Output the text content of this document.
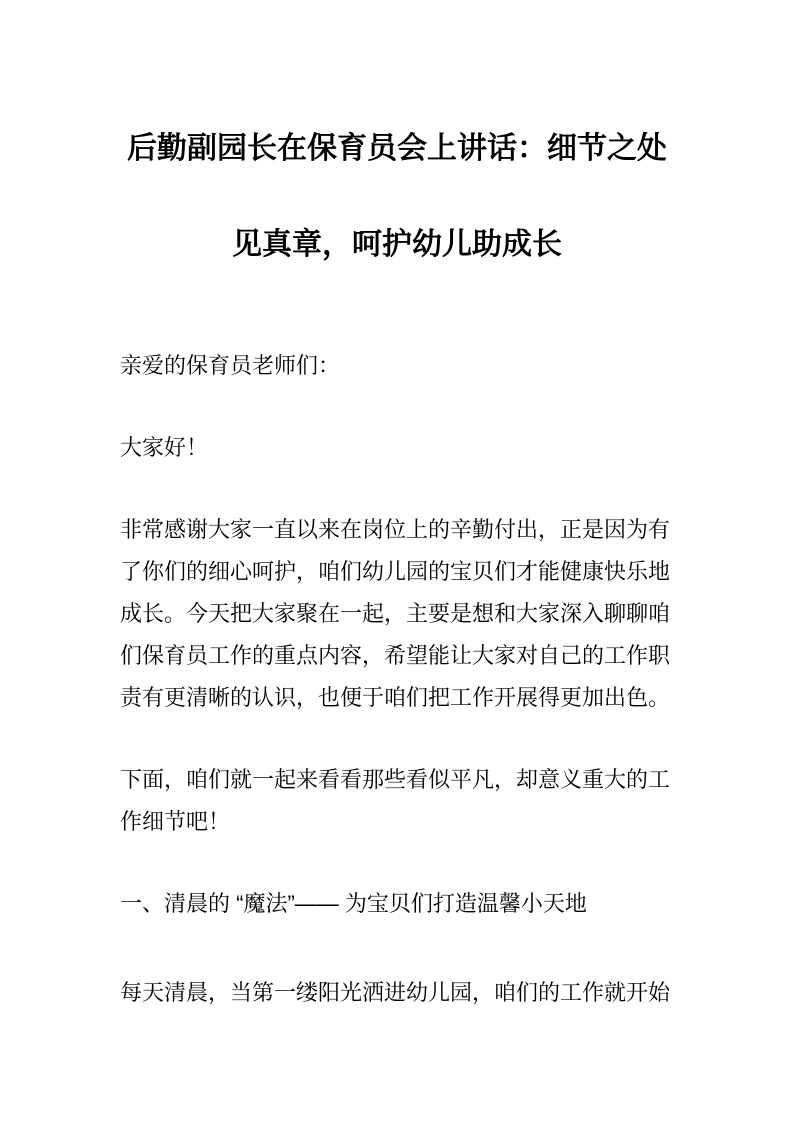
后勤副园长在保育员会上讲话：细节之处见真章，呵护幼儿助成长

亲爱的保育员老师们：

大家好！

非常感谢大家一直以来在岗位上的辛勤付出，正是因为有了你们的细心呵护，咱们幼儿园的宝贝们才能健康快乐地成长。今天把大家聚在一起，主要是想和大家深入聊聊咱们保育员工作的重点内容，希望能让大家对自己的工作职责有更清晰的认识，也便于咱们把工作开展得更加出色。

下面，咱们就一起来看看那些看似平凡，却意义重大的工作细节吧！

一、清晨的 “魔法”—— 为宝贝们打造温馨小天地

每天清晨，当第一缕阳光洒进幼儿园，咱们的工作就开始
